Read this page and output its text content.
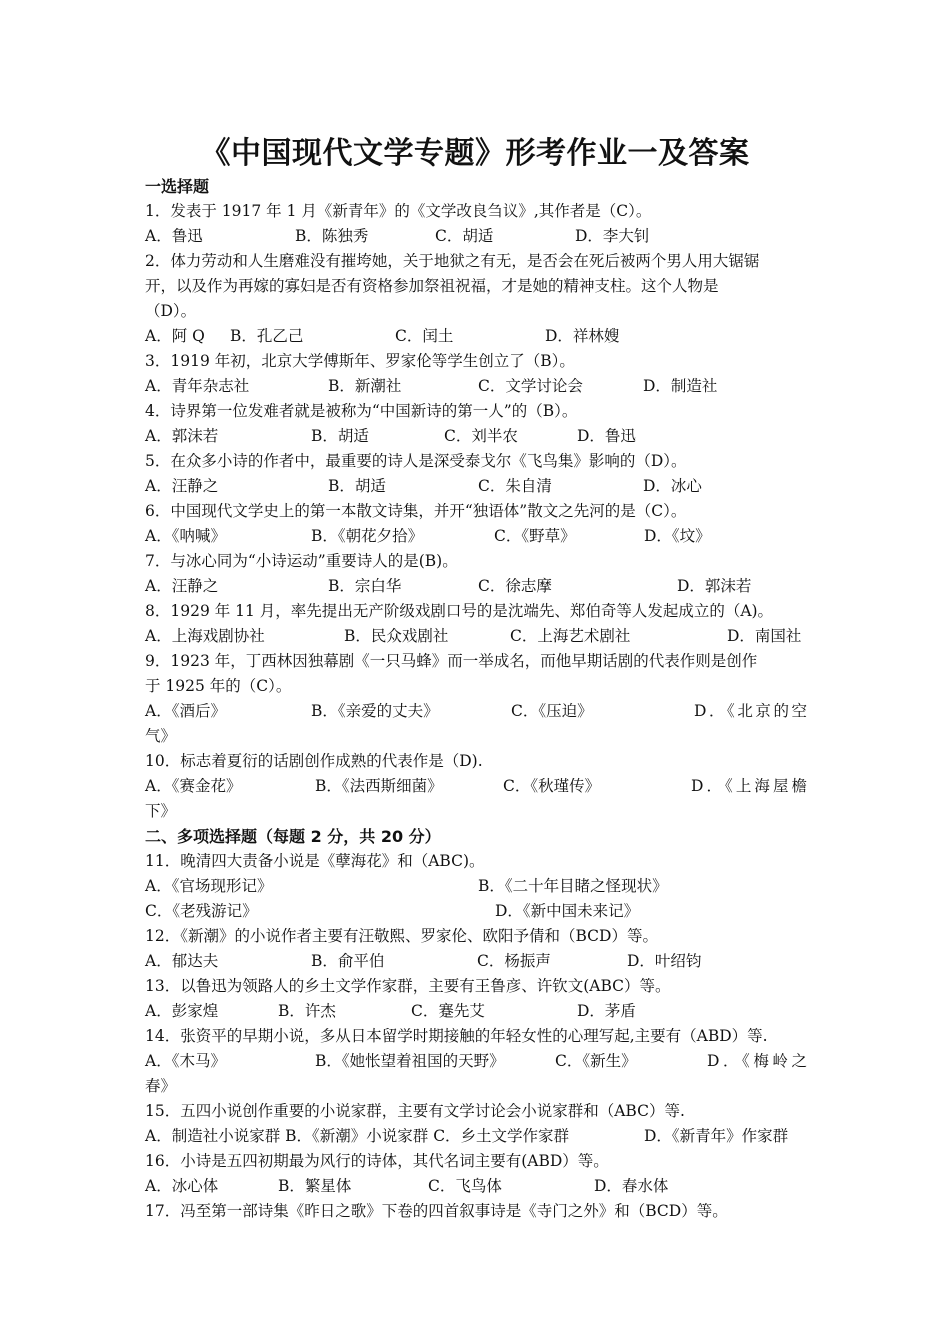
《中国现代文学专题》形考作业一及答案
一选择题
1．发表于 1917 年 1 月《新青年》的《文学改良刍议》,其作者是（C）。
A．鲁迅	B．陈独秀	C．胡适	D．李大钊
2．体力劳动和人生磨难没有摧垮她，关于地狱之有无，是否会在死后被两个男人用大锯锯
开，以及作为再嫁的寡妇是否有资格参加祭祖祝福，才是她的精神支柱。这个人物是
（D）。
A．阿 Q	B．孔乙己	C．闰土	D．祥林嫂
3．1919 年初，北京大学傅斯年、罗家伦等学生创立了（B）。
A．青年杂志社	B．新潮社	C．文学讨论会	D．制造社
4．诗界第一位发难者就是被称为“中国新诗的第一人”的（B）。
A．郭沫若	B．胡适	C．刘半农	D．鲁迅
5．在众多小诗的作者中，最重要的诗人是深受泰戈尔《飞鸟集》影响的（D）。
A．汪静之	B．胡适	C．朱自清	D．冰心
6．中国现代文学史上的第一本散文诗集，并开“独语体”散文之先河的是（C）。
A．《呐喊》	B．《朝花夕拾》	C．《野草》	D．《坟》
7．与冰心同为“小诗运动”重要诗人的是(B)。
A．汪静之	B．宗白华	C．徐志摩	D．郭沫若
8．1929 年 11 月，率先提出无产阶级戏剧口号的是沈端先、郑伯奇等人发起成立的（A)。
A．上海戏剧协社	B．民众戏剧社	C．上海艺术剧社	D．南国社
9．1923 年，丁西林因独幕剧《一只马蜂》而一举成名，而他早期话剧的代表作则是创作
于 1925 年的（C）。
A．《酒后》	B．《亲爱的丈夫》	C．《压迫》	D．《北京的空
气》
10．标志着夏衍的话剧创作成熟的代表作是（D).
A．《赛金花》	B．《法西斯细菌》	C．《秋瑾传》	D．《上海屋檐
下》
二、多项选择题（每题 2 分，共 20 分）
11．晚清四大责备小说是《孽海花》和（ABC)。
A．《官场现形记》	B．《二十年目睹之怪现状》
C．《老残游记》	D．《新中国未来记》
12．《新潮》的小说作者主要有汪敬熙、罗家伦、欧阳予倩和（BCD）等。
A．郁达夫	B．俞平伯	C．杨振声	D．叶绍钧
13．以鲁迅为领路人的乡土文学作家群，主要有王鲁彦、许钦文(ABC）等。
A．彭家煌	B．许杰	C．蹇先艾	D．茅盾
14．张资平的早期小说，多从日本留学时期接触的年轻女性的心理写起,主要有（ABD）等.
A．《木马》	B．《她怅望着祖国的天野》	C．《新生》	D．《梅岭之
春》
15．五四小说创作重要的小说家群，主要有文学讨论会小说家群和（ABC）等.
A．制造社小说家群 B．《新潮》小说家群 C．乡土文学作家群	D．《新青年》作家群
16．小诗是五四初期最为风行的诗体，其代名词主要有(ABD）等。
A．冰心体	B．繁星体	C．飞鸟体	D．春水体
17．冯至第一部诗集《昨日之歌》下卷的四首叙事诗是《寺门之外》和（BCD）等。
